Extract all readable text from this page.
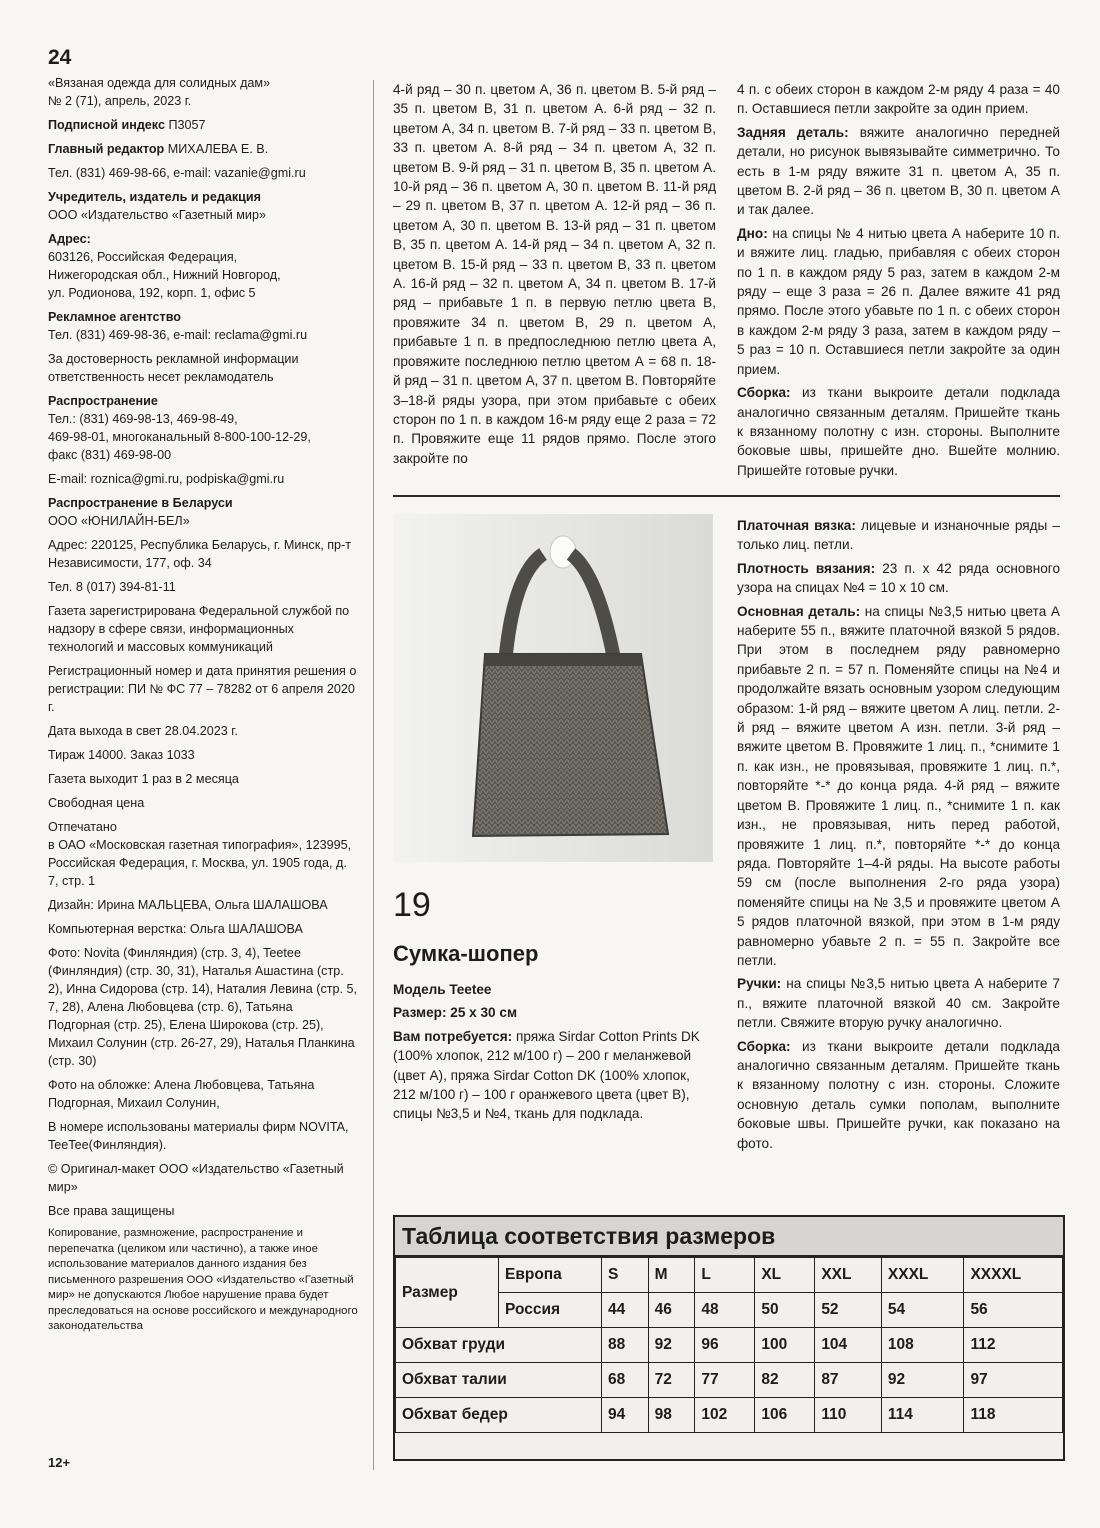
24

«Вязаная одежда для солидных дам»
№ 2 (71), апрель, 2023 г.

Подписной индекс П3057

Главный редактор МИХАЛЕВА Е. В.

Тел. (831) 469-98-66, e-mail: vazanie@gmi.ru

Учредитель, издатель и редакция
ООО «Издательство «Газетный мир»

Адрес:
603126, Российская Федерация,
Нижегородская обл., Нижний Новгород,
ул. Родионова, 192, корп. 1, офис 5

Рекламное агентство
Тел. (831) 469-98-36, e-mail: reclama@gmi.ru

За достоверность рекламной информации ответственность несет рекламодатель

Распространение
Тел.: (831) 469-98-13, 469-98-49,
469-98-01, многоканальный 8-800-100-12-29,
факс (831) 469-98-00

E-mail: roznica@gmi.ru, podpiska@gmi.ru

Распространение в Беларуси
ООО «ЮНИЛАЙН-БЕЛ»

Адрес: 220125, Республика Беларусь, г. Минск, пр-т Независимости, 177, оф. 34

Тел. 8 (017) 394-81-11

Газета зарегистрирована Федеральной службой по надзору в сфере связи, информационных технологий и массовых коммуникаций

Регистрационный номер и дата принятия решения о регистрации: ПИ № ФС 77 – 78282 от 6 апреля 2020 г.

Дата выхода в свет 28.04.2023 г.

Тираж 14000. Заказ 1033

Газета выходит 1 раз в 2 месяца

Свободная цена

Отпечатано
в ОАО «Московская газетная типография», 123995, Российская Федерация, г. Москва, ул. 1905 года, д. 7, стр. 1

Дизайн: Ирина МАЛЬЦЕВА, Ольга ШАЛАШОВА

Компьютерная верстка: Ольга ШАЛАШОВА

Фото: Novita (Финляндия) (стр. 3, 4), Teetee (Финляндия) (стр. 30, 31), Наталья Ашастина (стр. 2), Инна Сидорова (стр. 14), Наталия Левина (стр. 5, 7, 28), Алена Любовцева (стр. 6), Татьяна Подгорная (стр. 25), Елена Широкова (стр. 25), Михаил Солунин (стр. 26-27, 29), Наталья Планкина (стр. 30)

Фото на обложке: Алена Любовцева, Татьяна Подгорная, Михаил Солунин,

В номере использованы материалы фирм NOVITA, TeeTee(Финляндия).

© Оригинал-макет ООО «Издательство «Газетный мир»

Все права защищены

Копирование, размножение, распространение и перепечатка (целиком или частично), а также иное использование материалов данного издания без письменного разрешения ООО «Издательство «Газетный мир» не допускаются Любое нарушение права будет преследоваться на основе российского и международного законодательства

12+

4-й ряд – 30 п. цветом А, 36 п. цветом В. 5-й ряд – 35 п. цветом В, 31 п. цветом А. 6-й ряд – 32 п. цветом А, 34 п. цветом В. 7-й ряд – 33 п. цветом В, 33 п. цветом А. 8-й ряд – 34 п. цветом А, 32 п. цветом В. 9-й ряд – 31 п. цветом В, 35 п. цветом А. 10-й ряд – 36 п. цветом А, 30 п. цветом В. 11-й ряд – 29 п. цветом В, 37 п. цветом А. 12-й ряд – 36 п. цветом А, 30 п. цветом В. 13-й ряд – 31 п. цветом В, 35 п. цветом А. 14-й ряд – 34 п. цветом А, 32 п. цветом В. 15-й ряд – 33 п. цветом В, 33 п. цветом А. 16-й ряд – 32 п. цветом А, 34 п. цветом В. 17-й ряд – прибавьте 1 п. в первую петлю цвета В, провяжите 34 п. цветом В, 29 п. цветом А, прибавьте 1 п. в предпоследнюю петлю цвета А, провяжите последнюю петлю цветом А = 68 п. 18-й ряд – 31 п. цветом А, 37 п. цветом В. Повторяйте 3–18-й ряды узора, при этом прибавьте с обеих сторон по 1 п. в каждом 16-м ряду еще 2 раза = 72 п. Провяжите еще 11 рядов прямо. После этого закройте по

4 п. с обеих сторон в каждом 2-м ряду 4 раза = 40 п. Оставшиеся петли закройте за один прием.

Задняя деталь: вяжите аналогично передней детали, но рисунок вывязывайте симметрично. То есть в 1-м ряду вяжите 31 п. цветом А, 35 п. цветом В. 2-й ряд – 36 п. цветом В, 30 п. цветом А и так далее.

Дно: на спицы № 4 нитью цвета А наберите 10 п. и вяжите лиц. гладью, прибавляя с обеих сторон по 1 п. в каждом ряду 5 раз, затем в каждом 2-м ряду – еще 3 раза = 26 п. Далее вяжите 41 ряд прямо. После этого убавьте по 1 п. с обеих сторон в каждом 2-м ряду 3 раза, затем в каждом ряду – 5 раз = 10 п. Оставшиеся петли закройте за один прием.

Сборка: из ткани выкроите детали подклада аналогично связанным деталям. Пришейте ткань к вязанному полотну с изн. стороны. Выполните боковые швы, пришейте дно. Вшейте молнию. Пришейте готовые ручки.

19

Сумка-шопер

Модель Teetee

Размер: 25 х 30 см

Вам потребуется: пряжа Sirdar Cotton Prints DK (100% хлопок, 212 м/100 г) – 200 г меланжевой (цвет А), пряжа Sirdar Cotton DK (100% хлопок, 212 м/100 г) – 100 г оранжевого цвета (цвет В), спицы №3,5 и №4, ткань для подклада.

Платочная вязка: лицевые и изнаночные ряды – только лиц. петли.

Плотность вязания: 23 п. х 42 ряда основного узора на спицах №4 = 10 х 10 см.

Основная деталь: на спицы №3,5 нитью цвета А наберите 55 п., вяжите платочной вязкой 5 рядов. При этом в последнем ряду равномерно прибавьте 2 п. = 57 п. Поменяйте спицы на №4 и продолжайте вязать основным узором следующим образом: 1-й ряд – вяжите цветом А лиц. петли. 2-й ряд – вяжите цветом А изн. петли. 3-й ряд – вяжите цветом В. Провяжите 1 лиц. п., *снимите 1 п. как изн., не провязывая, провяжите 1 лиц. п.*, повторяйте *-* до конца ряда. 4-й ряд – вяжите цветом В. Провяжите 1 лиц. п., *снимите 1 п. как изн., не провязывая, нить перед работой, провяжите 1 лиц. п.*, повторяйте *-* до конца ряда. Повторяйте 1–4-й ряды. На высоте работы 59 см (после выполнения 2-го ряда узора) поменяйте спицы на № 3,5 и провяжите цветом А 5 рядов платочной вязкой, при этом в 1-м ряду равномерно убавьте 2 п. = 55 п. Закройте все петли.

Ручки: на спицы №3,5 нитью цвета А наберите 7 п., вяжите платочной вязкой 40 см. Закройте петли. Свяжите вторую ручку аналогично.

Сборка: из ткани выкроите детали подклада аналогично связанным деталям. Пришейте ткань к вязанному полотну с изн. стороны. Сложите основную деталь сумки пополам, выполните боковые швы. Пришейте ручки, как показано на фото.

Таблица соответствия размеров
Размер	Европа	S	M	L	XL	XXL	XXXL	XXXXL
	Россия	44	46	48	50	52	54	56
Обхват груди		88	92	96	100	104	108	112
Обхват талии		68	72	77	82	87	92	97
Обхват бедер		94	98	102	106	110	114	118
